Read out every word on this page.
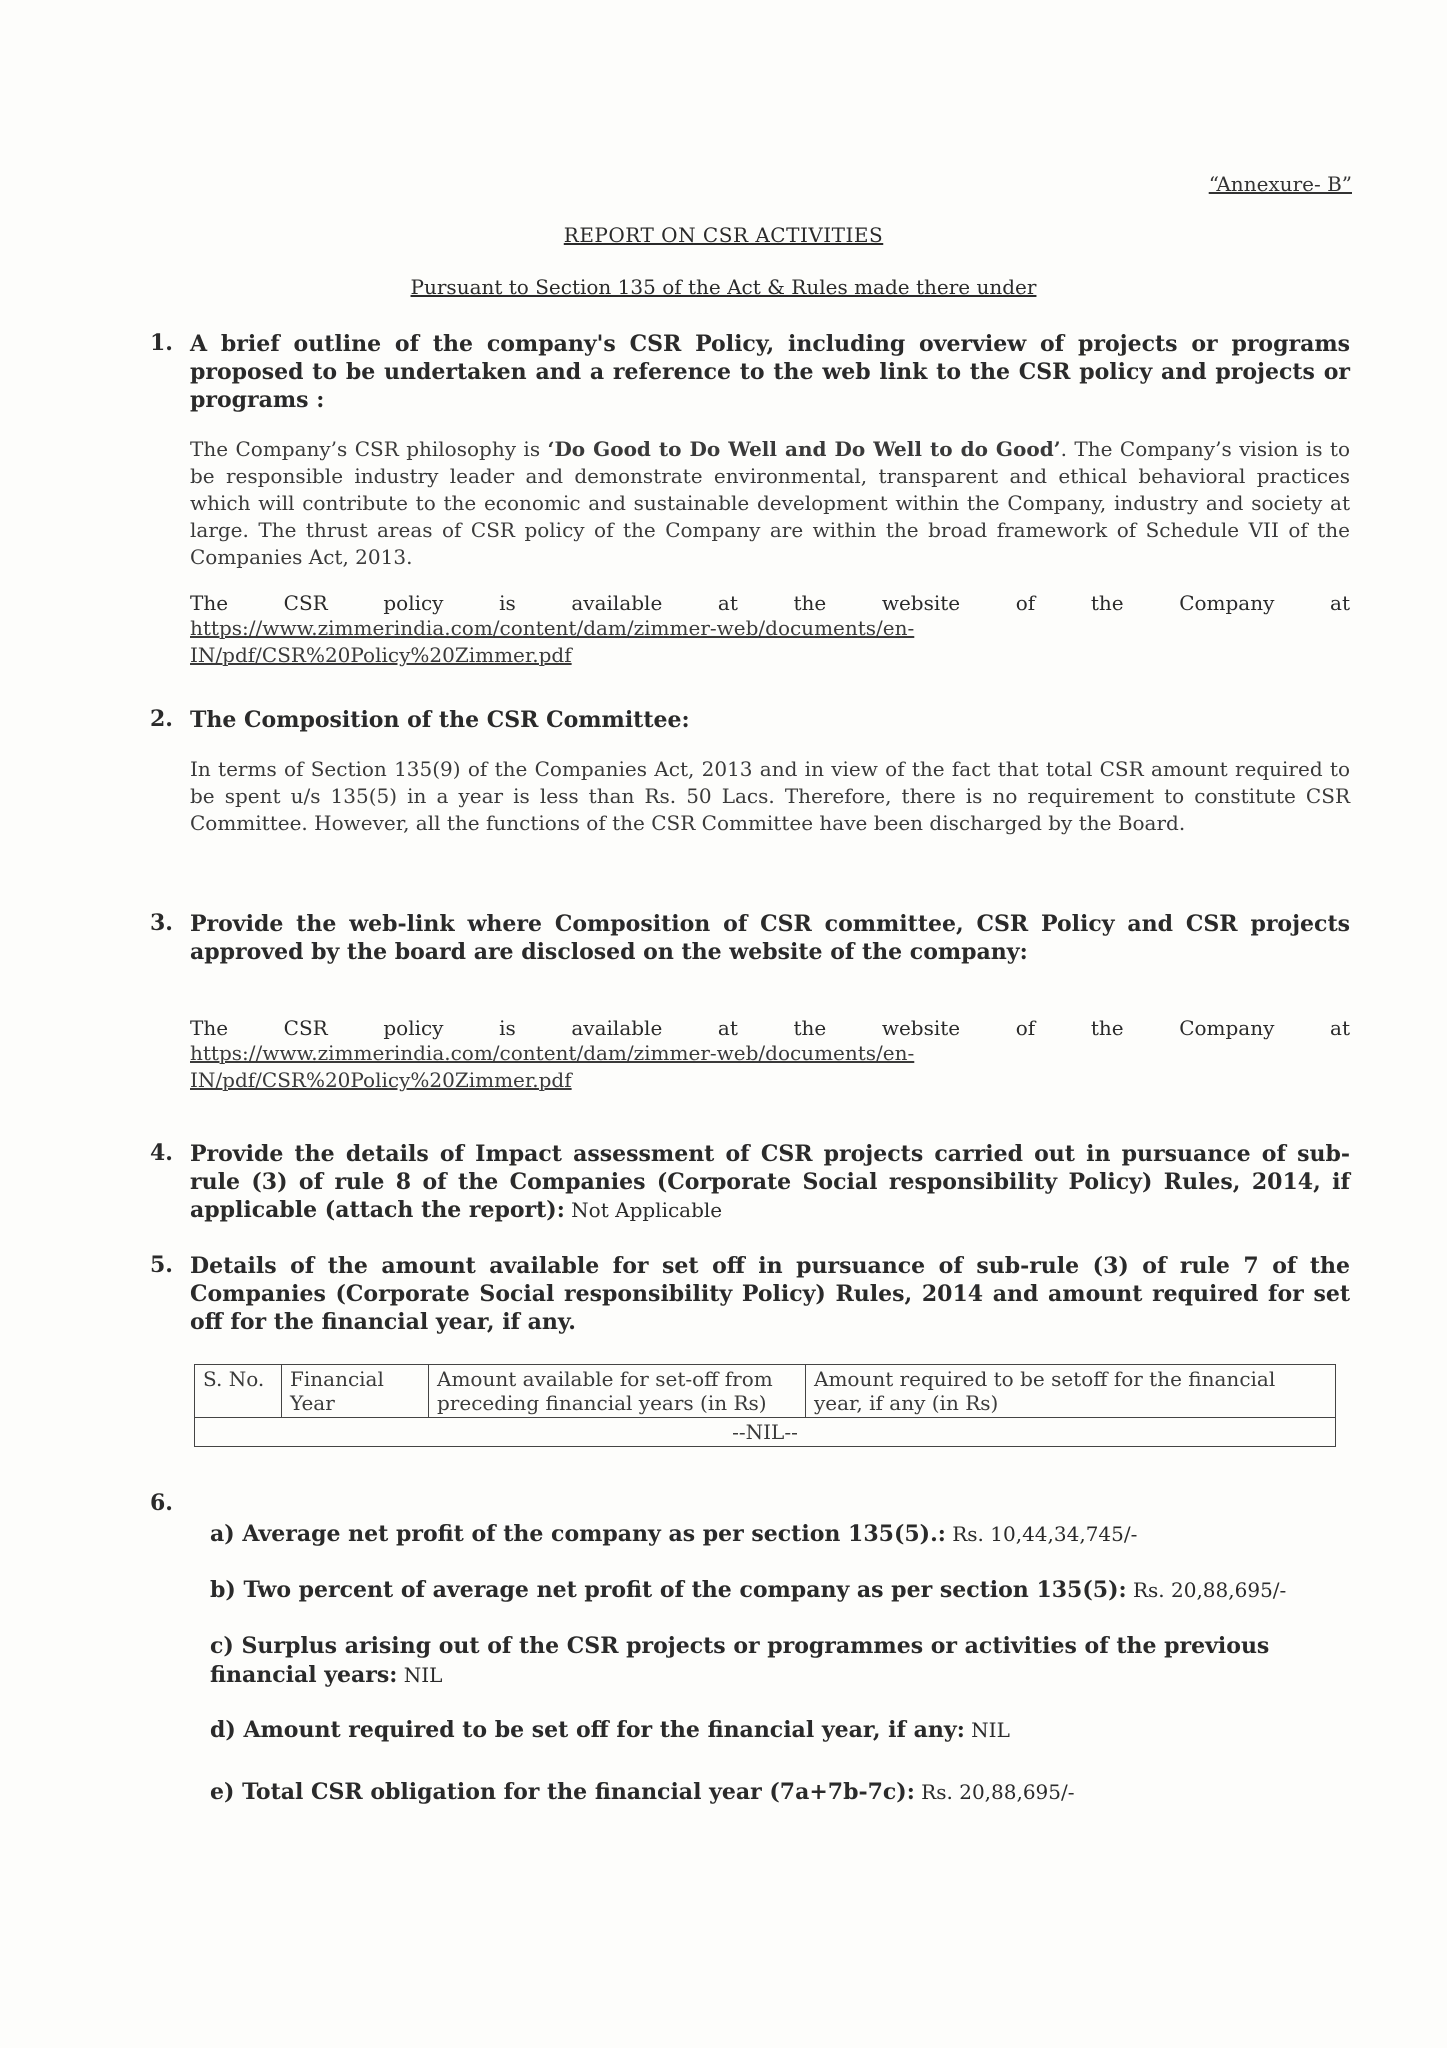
“Annexure- B”
REPORT ON CSR ACTIVITIES
Pursuant to Section 135 of the Act & Rules made there under
1. A brief outline of the company's CSR Policy, including overview of projects or programs proposed to be undertaken and a reference to the web link to the CSR policy and projects or programs :
The Company’s CSR philosophy is ‘Do Good to Do Well and Do Well to do Good’. The Company’s vision is to be responsible industry leader and demonstrate environmental, transparent and ethical behavioral practices which will contribute to the economic and sustainable development within the Company, industry and society at large. The thrust areas of CSR policy of the Company are within the broad framework of Schedule VII of the Companies Act, 2013.
The	CSR	policy	is	available	at	the	website	of	the	Company	at
https://www.zimmerindia.com/content/dam/zimmer-web/documents/en-
IN/pdf/CSR%20Policy%20Zimmer.pdf
2. The Composition of the CSR Committee:
In terms of Section 135(9) of the Companies Act, 2013 and in view of the fact that total CSR amount required to be spent u/s 135(5) in a year is less than Rs. 50 Lacs. Therefore, there is no requirement to constitute CSR Committee. However, all the functions of the CSR Committee have been discharged by the Board.
3. Provide the web-link where Composition of CSR committee, CSR Policy and CSR projects approved by the board are disclosed on the website of the company:
The	CSR	policy	is	available	at	the	website	of	the	Company	at
https://www.zimmerindia.com/content/dam/zimmer-web/documents/en-
IN/pdf/CSR%20Policy%20Zimmer.pdf
4. Provide the details of Impact assessment of CSR projects carried out in pursuance of sub-rule (3) of rule 8 of the Companies (Corporate Social responsibility Policy) Rules, 2014, if applicable (attach the report): Not Applicable
5. Details of the amount available for set off in pursuance of sub-rule (3) of rule 7 of the Companies (Corporate Social responsibility Policy) Rules, 2014 and amount required for set off for the financial year, if any.
S. No.	Financial Year	Amount available for set-off from preceding financial years (in Rs)	Amount required to be setoff for the financial year, if any (in Rs)
--NIL--
6.
a) Average net profit of the company as per section 135(5).: Rs. 10,44,34,745/-
b) Two percent of average net profit of the company as per section 135(5): Rs. 20,88,695/-
c) Surplus arising out of the CSR projects or programmes or activities of the previous financial years: NIL
d) Amount required to be set off for the financial year, if any: NIL
e) Total CSR obligation for the financial year (7a+7b-7c): Rs. 20,88,695/-
